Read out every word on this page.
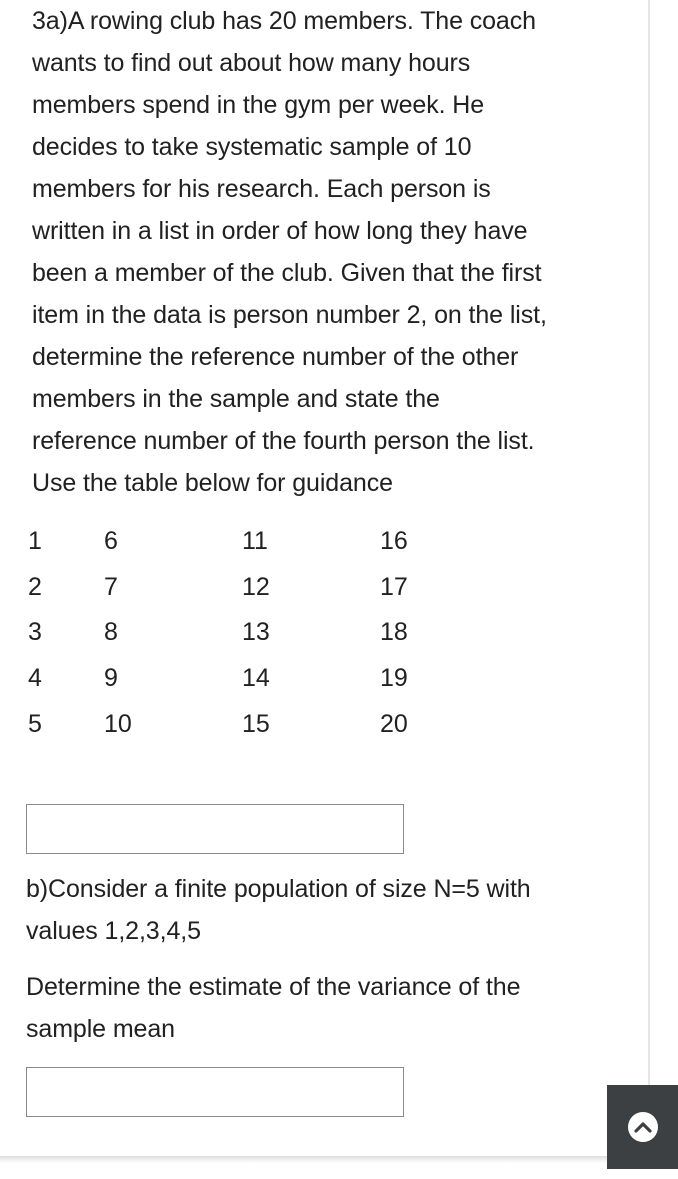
3a)A rowing club has 20 members. The coach
wants to find out about how many hours
members spend in the gym per week. He
decides to take systematic sample of 10
members for his research. Each person is
written in a list in order of how long they have
been a member of the club. Given that the first
item in the data is person number 2, on the list,
determine the reference number of the other
members in the sample and state the
reference number of the fourth person the list.
Use the table below for guidance

1
2
3
4
5
6
7
8
9
10
11
12
13
14
15
16
17
18
19
20

b)Consider a finite population of size N=5 with
values 1,2,3,4,5

Determine the estimate of the variance of the
sample mean
